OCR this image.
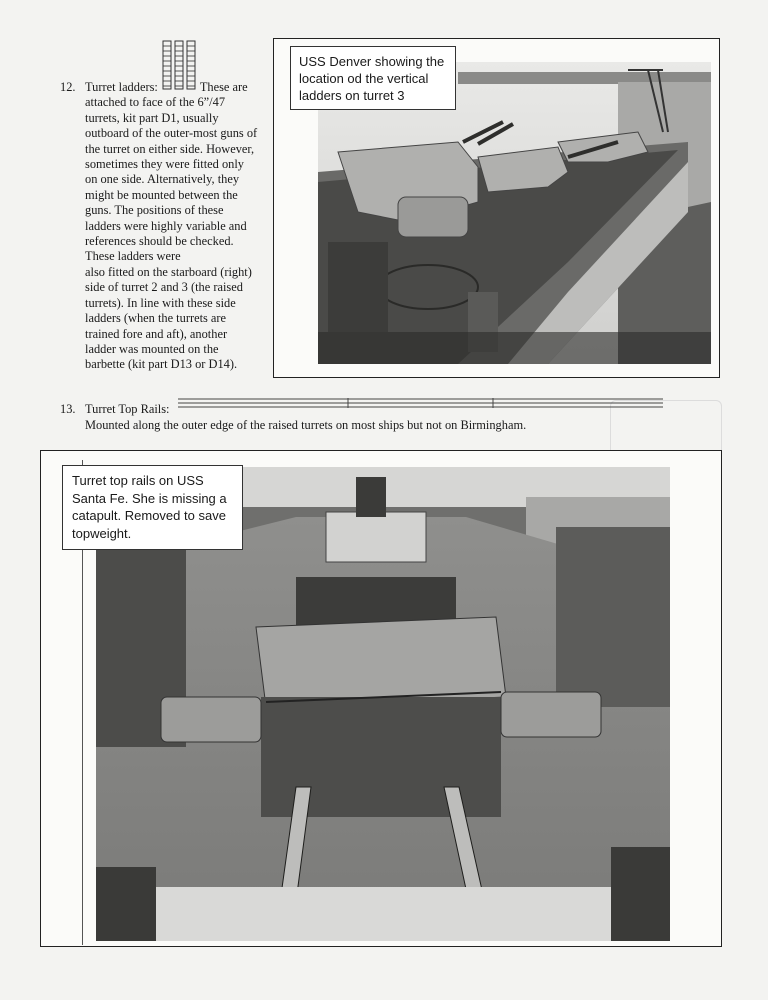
12. Turret ladders:	These are
attached to face of the 6”/47
turrets, kit part D1, usually
outboard of the outer-most guns of
the turret on either side. However,
sometimes they were fitted only
on one side. Alternatively, they
might be mounted between the
guns. The positions of these
ladders were highly variable and
references should be checked.
These ladders were
also fitted on the starboard (right)
side of turret 2 and 3 (the raised
turrets). In line with these side
ladders (when the turrets are
trained fore and aft), another
ladder was mounted on the
barbette (kit part D13 or D14).

USS Denver showing the location od the vertical ladders on turret 3
13. Turret Top Rails:
Mounted along the outer edge of the raised turrets on most ships but not on Birmingham.
Turret top rails on USS Santa Fe. She is missing a catapult. Removed to save topweight.
